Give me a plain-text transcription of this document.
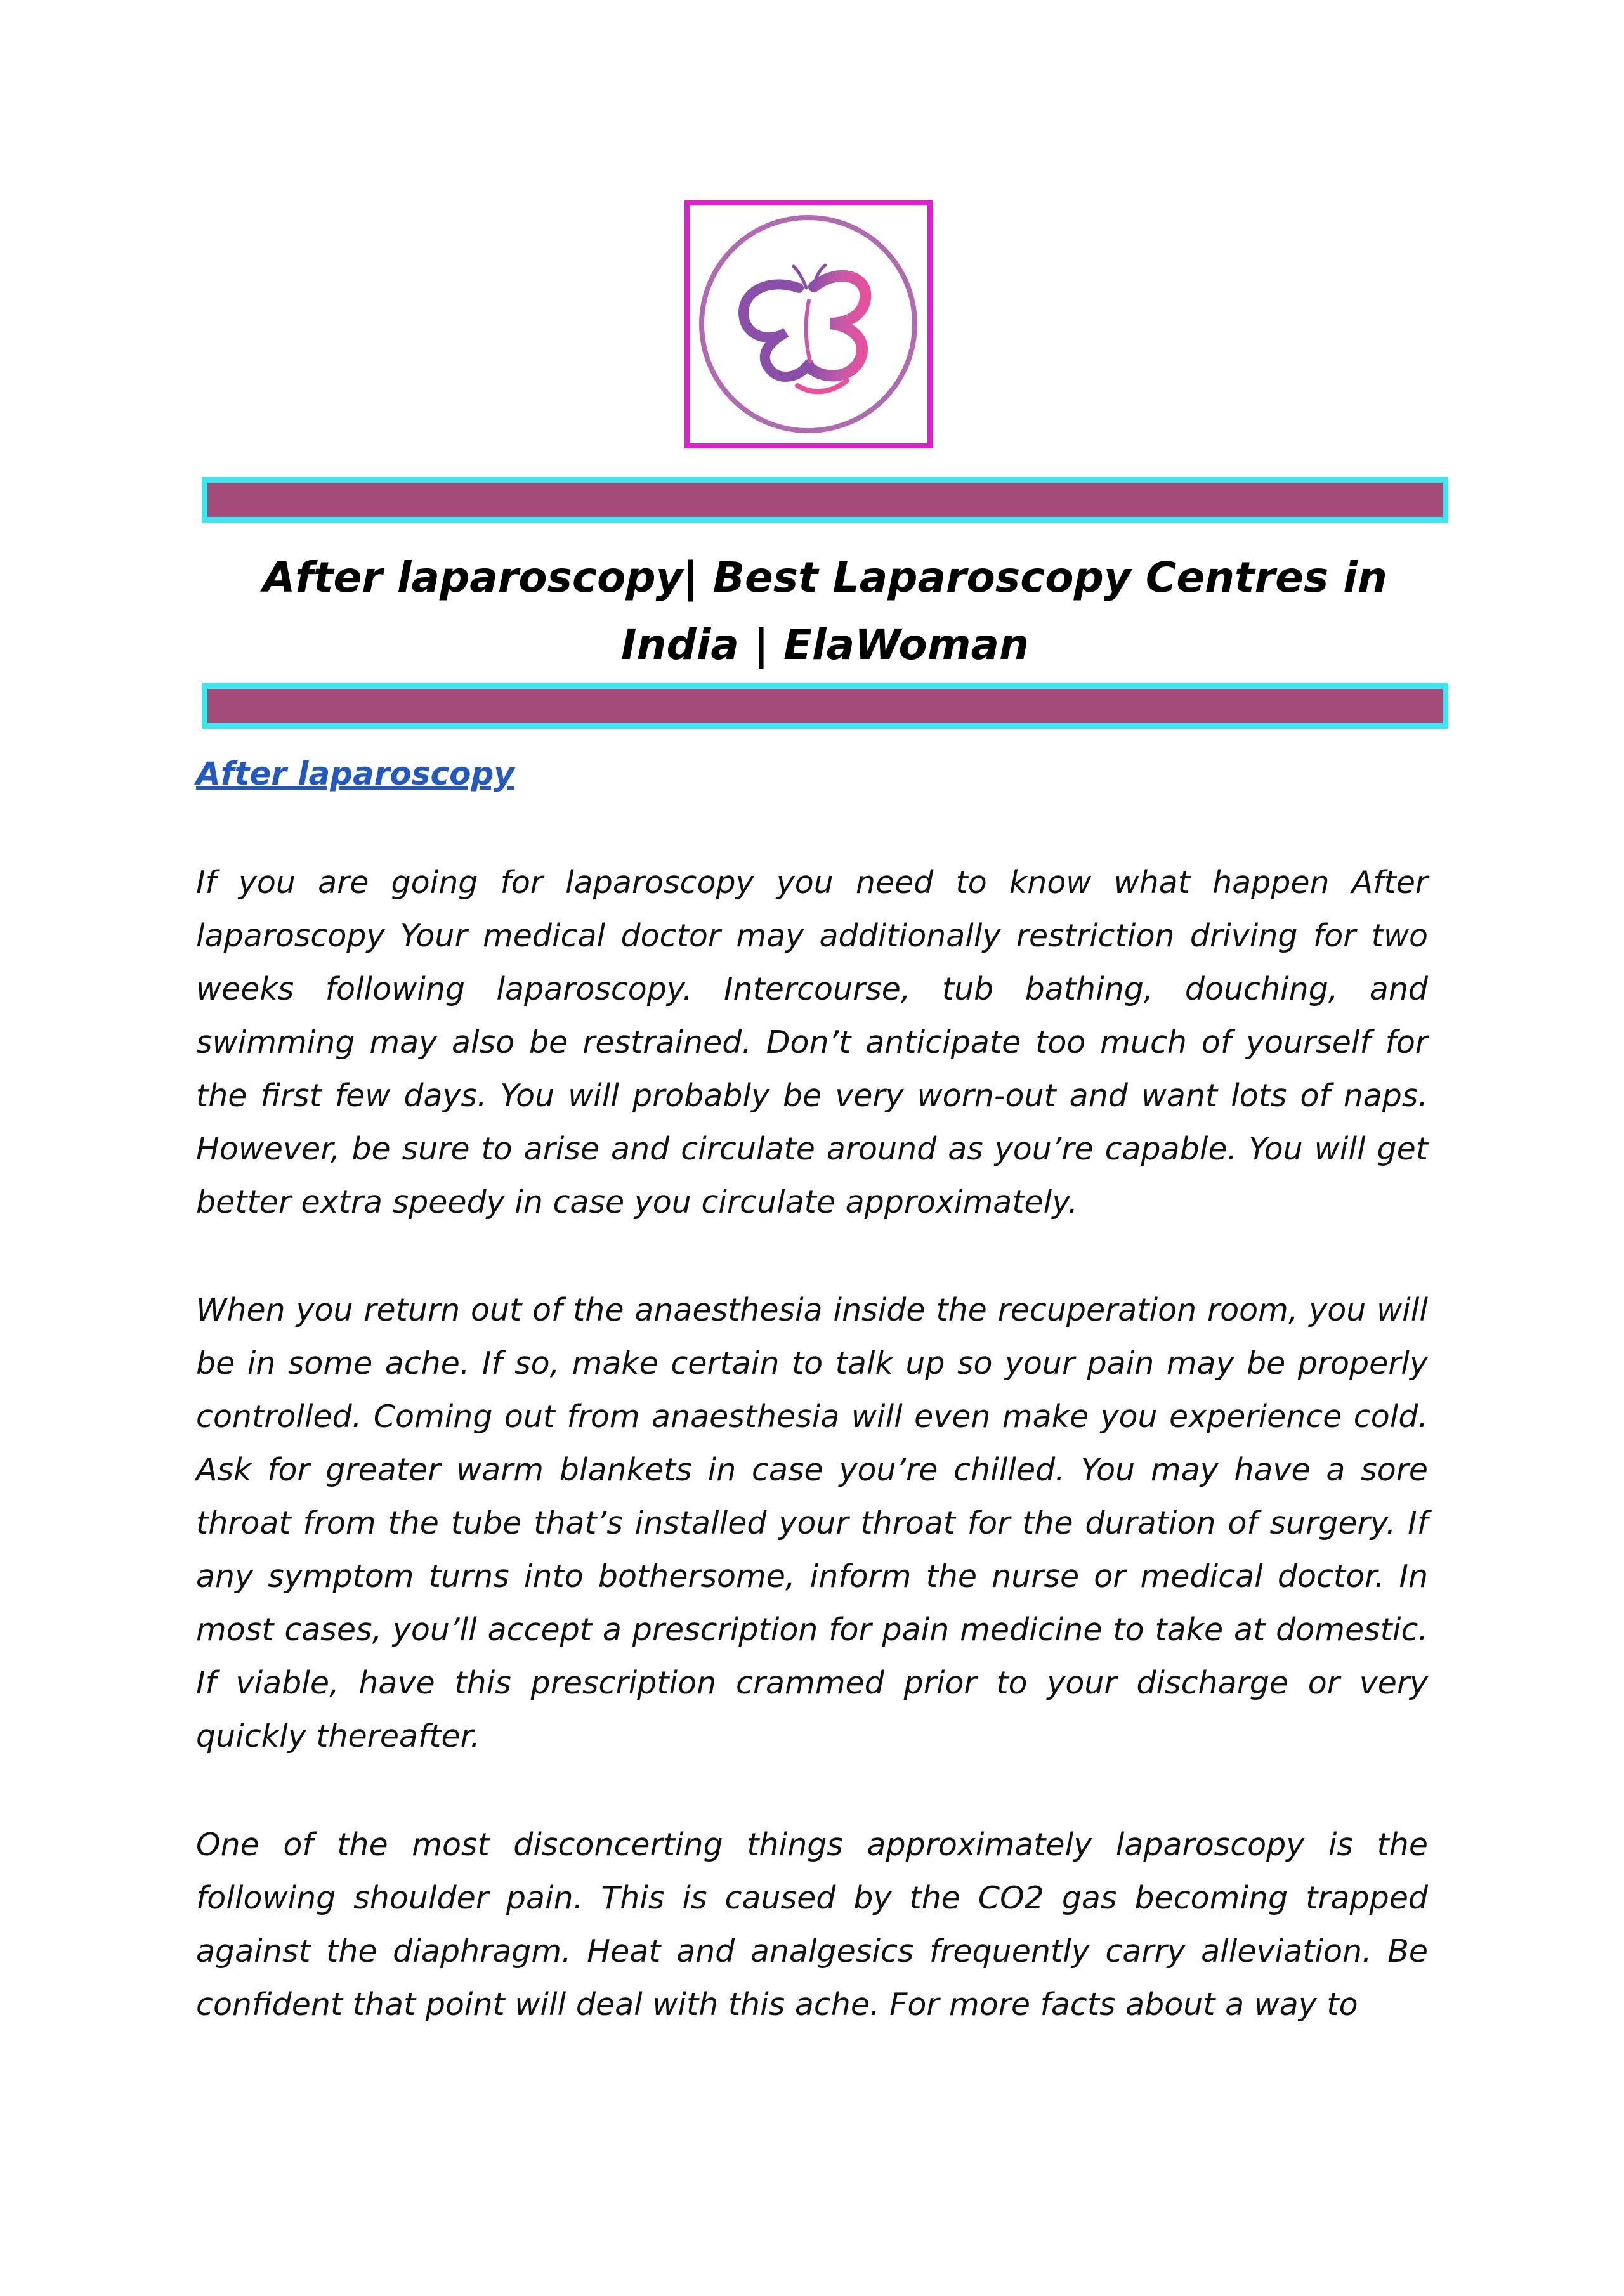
After laparoscopy| Best Laparoscopy Centres in India | ElaWoman
After laparoscopy

If you are going for laparoscopy you need to know what happen After laparoscopy Your medical doctor may additionally restriction driving for two weeks following laparoscopy. Intercourse, tub bathing, douching, and swimming may also be restrained. Don’t anticipate too much of yourself for the first few days. You will probably be very worn-out and want lots of naps. However, be sure to arise and circulate around as you’re capable. You will get better extra speedy in case you circulate approximately.

When you return out of the anaesthesia inside the recuperation room, you will be in some ache. If so, make certain to talk up so your pain may be properly controlled. Coming out from anaesthesia will even make you experience cold. Ask for greater warm blankets in case you’re chilled. You may have a sore throat from the tube that’s installed your throat for the duration of surgery. If any symptom turns into bothersome, inform the nurse or medical doctor. In most cases, you’ll accept a prescription for pain medicine to take at domestic. If viable, have this prescription crammed prior to your discharge or very quickly thereafter.

One of the most disconcerting things approximately laparoscopy is the following shoulder pain. This is caused by the CO2 gas becoming trapped against the diaphragm. Heat and analgesics frequently carry alleviation. Be confident that point will deal with this ache. For more facts about a way to
